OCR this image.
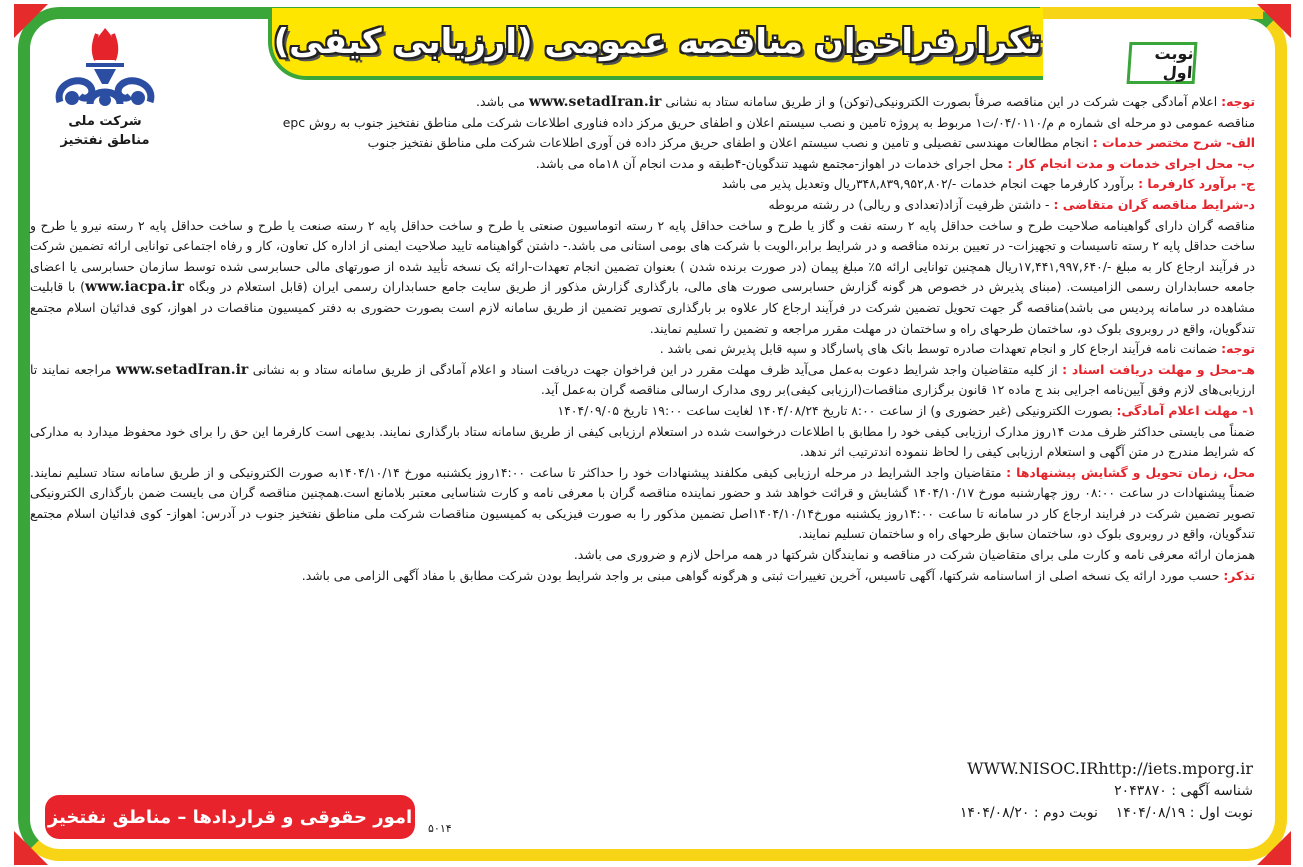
تکرارفراخوان مناقصه عمومی (ارزیابی کیفی)	نوبت اول
شرکت ملی
مناطق نفتخیز

توجه: اعلام آمادگی جهت شرکت در این مناقصه صرفاً بصورت الکترونیکی(توکن) و از طریق سامانه ستاد به نشانی www.setadIran.ir می باشد.

مناقصه عمومی دو مرحله ای شماره م م/۰۴/۰۱۱۰/ت۱ مربوط به پروژه تامین و نصب سیستم اعلان و اطفای حریق مرکز داده فناوری اطلاعات شرکت ملی مناطق نفتخیز جنوب به روش epc

الف- شرح مختصر خدمات : انجام مطالعات مهندسی تفصیلی و تامین و نصب سیستم اعلان و اطفای حریق مرکز داده فن آوری اطلاعات شرکت ملی مناطق نفتخیز جنوب

ب- محل اجرای خدمات و مدت انجام کار : محل اجرای خدمات در اهواز-مجتمع شهید تندگویان-۴طبقه و مدت انجام آن ۱۸ماه می باشد.

ج- برآورد کارفرما : برآورد کارفرما جهت انجام خدمات -/۳۴۸,۸۳۹,۹۵۲,۸۰۲ریال وتعدیل پذیر می باشد

د-شرایط مناقصه گران متقاضی : - داشتن ظرفیت آزاد(تعدادی و ریالی) در رشته مربوطه

مناقصه گران دارای گواهینامه صلاحیت طرح و ساخت حداقل پایه ۲ رسته نفت و گاز یا طرح و ساخت حداقل پایه ۲ رسته اتوماسیون صنعتی یا طرح و ساخت حداقل پایه ۲ رسته صنعت یا طرح و ساخت حداقل پایه ۲ رسته نیرو یا طرح و ساخت حداقل پایه ۲ رسته تاسیسات و تجهیزات- در تعیین برنده مناقصه و در شرایط برابر،الویت با شرکت های بومی استانی می باشد.- داشتن گواهینامه تایید صلاحیت ایمنی از اداره کل تعاون، کار و رفاه اجتماعی توانایی ارائه تضمین شرکت در فرآیند ارجاع کار به مبلغ -/۱۷,۴۴۱,۹۹۷,۶۴۰ریال همچنین توانایی ارائه ۵٪ مبلغ پیمان (در صورت برنده شدن ) بعنوان تضمین انجام تعهدات-ارائه یک نسخه تأیید شده از صورتهای مالی حسابرسی شده توسط سازمان حسابرسی یا اعضای جامعه حسابداران رسمی الزامیست. (مبنای پذیرش در خصوص هر گونه گزارش حسابرسی صورت های مالی، بارگذاری گزارش مذکور از طریق سایت جامع حسابداران رسمی ایران (قابل استعلام در وبگاه www.iacpa.ir) با قابلیت مشاهده در سامانه پردیس می باشد)مناقصه گر جهت تحویل تضمین شرکت در فرآیند ارجاع کار علاوه بر بارگذاری تصویر تضمین از طریق سامانه لازم است بصورت حضوری به دفتر کمیسیون مناقصات در اهواز، کوی فدائیان اسلام مجتمع تندگویان، واقع در روبروی بلوک دو، ساختمان طرحهای راه و ساختمان در مهلت مقرر مراجعه و تضمین را تسلیم نمایند.

توجه: ضمانت نامه فرآیند ارجاع کار و انجام تعهدات صادره توسط بانک های پاسارگاد و سپه قابل پذیرش نمی باشد .

هـ-محل و مهلت دریافت اسناد : از کلیه متقاضیان واجد شرایط دعوت به‌عمل می‌آید ظرف مهلت مقرر در این فراخوان جهت دریافت اسناد و اعلام آمادگی از طریق سامانه ستاد و به نشانی www.setadIran.ir مراجعه نمایند تا ارزیابی‌های لازم وفق آیین‌نامه اجرایی بند ج ماده ۱۲ قانون برگزاری مناقصات(ارزیابی کیفی)بر روی مدارک ارسالی مناقصه گران به‌عمل آید.

۱- مهلت اعلام آمادگی: بصورت الکترونیکی (غیر حضوری و) از ساعت ۸:۰۰ تاریخ ۱۴۰۴/۰۸/۲۴ لغایت ساعت ۱۹:۰۰ تاریخ ۱۴۰۴/۰۹/۰۵

ضمناً می بایستی حداکثر ظرف مدت ۱۴روز مدارک ارزیابی کیفی خود را مطابق با اطلاعات درخواست شده در استعلام ارزیابی کیفی از طریق سامانه ستاد بارگذاری نمایند. بدیهی است کارفرما این حق را برای خود محفوظ میدارد به مدارکی که شرایط مندرج در متن آگهی و استعلام ارزیابی کیفی را لحاظ ننموده اندترتیب اثر ندهد.

محل، زمان تحویل و گشایش پیشنهادها : متقاضیان واجد الشرایط در مرحله ارزیابی کیفی مکلفند پیشنهادات خود را حداکثر تا ساعت ۱۴:۰۰روز یکشنبه مورخ ۱۴۰۴/۱۰/۱۴به صورت الکترونیکی و از طریق سامانه ستاد تسلیم نمایند. ضمناً پیشنهادات در ساعت ۰۸:۰۰ روز چهارشنبه مورخ ۱۴۰۴/۱۰/۱۷ گشایش و قرائت خواهد شد و حضور نماینده مناقصه گران با معرفی نامه و کارت شناسایی معتبر بلامانع است.همچنین مناقصه گران می بایست ضمن بارگذاری الکترونیکی تصویر تضمین شرکت در فرایند ارجاع کار در سامانه تا ساعت ۱۴:۰۰روز یکشنبه مورخ۱۴۰۴/۱۰/۱۴اصل تضمین مذکور را به صورت فیزیکی به کمیسیون مناقصات شرکت ملی مناطق نفتخیز جنوب در آدرس: اهواز- کوی فدائیان اسلام مجتمع تندگویان، واقع در روبروی بلوک دو، ساختمان سابق طرحهای راه و ساختمان تسلیم نمایند.

همزمان ارائه معرفی نامه و کارت ملی برای متقاضیان شرکت در مناقصه و نمایندگان شرکتها در همه مراحل لازم و ضروری می باشد.

تذکر: حسب مورد ارائه یک نسخه اصلی از اساسنامه شرکتها، آگهی تاسیس، آخرین تغییرات ثبتی و هرگونه گواهی مبنی بر واجد شرایط بودن شرکت مطابق با مفاد آگهی الزامی می باشد.

WWW.NISOC.IRhttp://iets.mporg.ir
شناسه آگهی : ۲۰۴۳۸۷۰
نوبت اول : ۱۴۰۴/۰۸/۱۹    نوبت دوم : ۱۴۰۴/۰۸/۲۰
امور حقوقی و قراردادها – مناطق نفتخیز
۵۰۱۴
